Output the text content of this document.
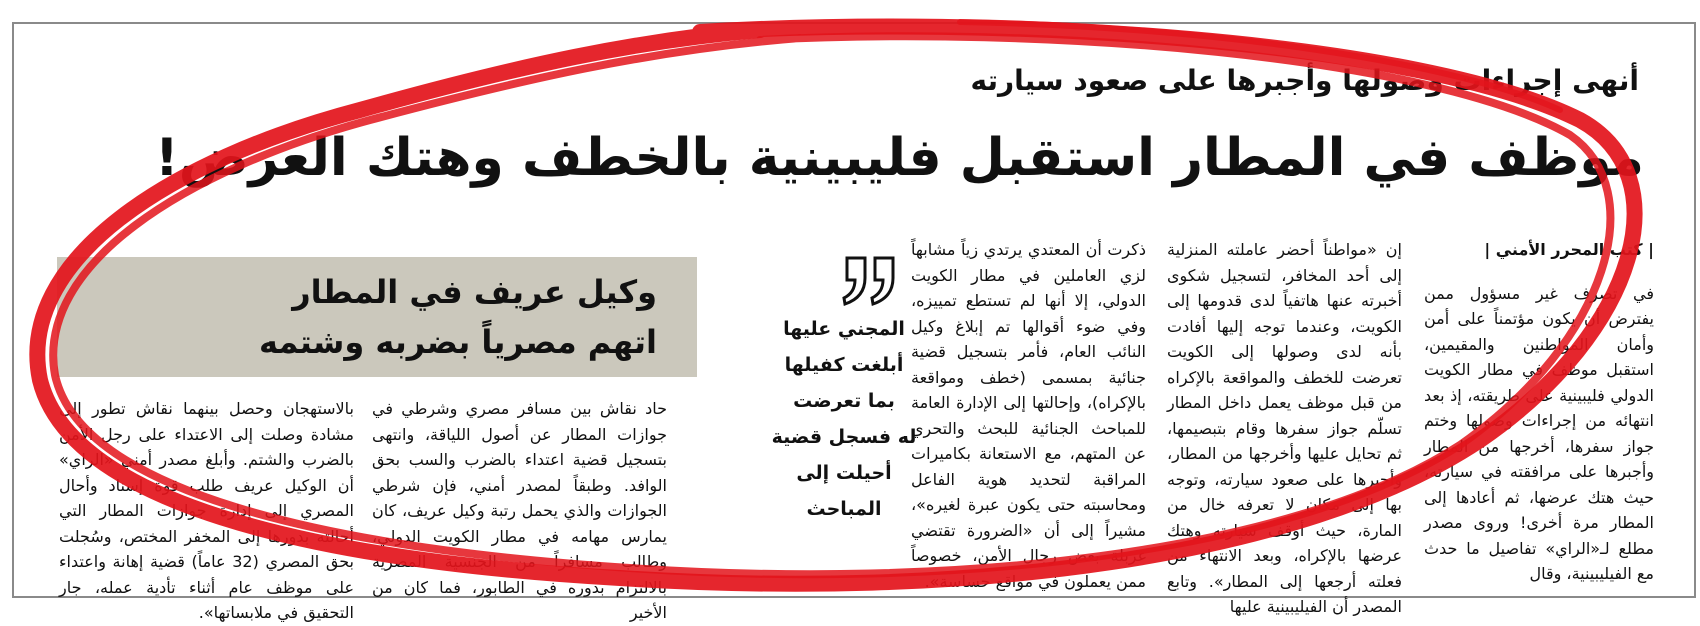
أنهى إجراءات وصولها وأجبرها على صعود سيارته
موظف في المطار استقبل فليبينية بالخطف وهتك العرض!

| كتب المحرر الأمني |

في تصرف غير مسؤول ممن يفترض أن يكون مؤتمناً على أمن وأمان المواطنين والمقيمين، استقبل موظف في مطار الكويت الدولي فليبينية على طريقته، إذ بعد انتهائه من إجراءات وصولها وختم جواز سفرها، أخرجها من المطار وأجبرها على مرافقته في سيارته، حيث هتك عرضها، ثم أعادها إلى المطار مرة أخرى! وروى مصدر مطلع لـ«الراي» تفاصيل ما حدث مع الفيليبينية، وقال

إن «مواطناً أحضر عاملته المنزلية إلى أحد المخافر، لتسجيل شكوى أخبرته عنها هاتفياً لدى قدومها إلى الكويت، وعندما توجه إليها أفادت بأنه لدى وصولها إلى الكويت تعرضت للخطف والمواقعة بالإكراه من قبل موظف يعمل داخل المطار تسلّم جواز سفرها وقام بتبصيمها، ثم تحايل عليها وأخرجها من المطار، وأجبرها على صعود سيارته، وتوجه بها إلى مكان لا تعرفه خال من المارة، حيث أوقف سيارته وهتك عرضها بالإكراه، وبعد الانتهاء من فعلته أرجعها إلى المطار». وتابع المصدر أن الفيليبينية عليها

ذكرت أن المعتدي يرتدي زياً مشابهاً لزي العاملين في مطار الكويت الدولي، إلا أنها لم تستطع تمييزه، وفي ضوء أقوالها تم إبلاغ وكيل النائب العام، فأمر بتسجيل قضية جنائية بمسمى (خطف ومواقعة بالإكراه)، وإحالتها إلى الإدارة العامة للمباحث الجنائية للبحث والتحري عن المتهم، مع الاستعانة بكاميرات المراقبة لتحديد هوية الفاعل ومحاسبته حتى يكون عبرة لغيره»، مشيراً إلى أن «الضرورة تقتضي غربلة بعض رجال الأمن، خصوصاً ممن يعملون في مواقع حساسة».

المجني عليها
أبلغت كفيلها
بما تعرضت
له فسجل قضية
أحيلت إلى المباحث
وكيل عريف في المطار
اتهم مصرياً بضربه وشتمه

حاد نقاش بين مسافر مصري وشرطي في جوازات المطار عن أصول اللياقة، وانتهى بتسجيل قضية اعتداء بالضرب والسب بحق الوافد. وطبقاً لمصدر أمني، فإن شرطي الجوازات والذي يحمل رتبة وكيل عريف، كان يمارس مهامه في مطار الكويت الدولي، وطالب مسافراً من الجنسية المصرية بالالتزام بدوره في الطابور، فما كان من الأخير

بالاستهجان وحصل بينهما نقاش تطور إلى مشادة وصلت إلى الاعتداء على رجل الأمن بالضرب والشتم. وأبلغ مصدر أمني «الراي» أن الوكيل عريف طلب قوة إسناد وأحال المصري إلى إدارة جوازات المطار التي أحالته بدورها إلى المخفر المختص، وسُجلت بحق المصري (32 عاماً) قضية إهانة واعتداء على موظف عام أثناء تأدية عمله، جار التحقيق في ملابساتها».
